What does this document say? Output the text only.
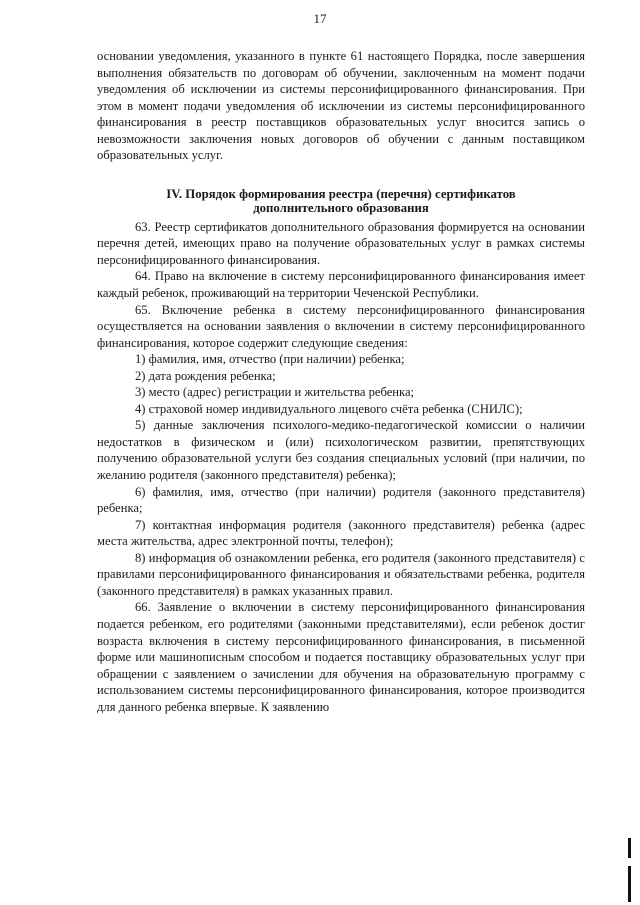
17

основании уведомления, указанного в пункте 61 настоящего Порядка, после завершения выполнения обязательств по договорам об обучении, заключенным на момент подачи уведомления об исключении из системы персонифицированного финансирования. При этом в момент подачи уведомления об исключении из системы персонифицированного финансирования в реестр поставщиков образовательных услуг вносится запись о невозможности заключения новых договоров об обучении с данным поставщиком образовательных услуг.

IV. Порядок формирования реестра (перечня) сертификатов
дополнительного образования

63. Реестр сертификатов дополнительного образования формируется на основании перечня детей, имеющих право на получение образовательных услуг в рамках системы персонифицированного финансирования.

64. Право на включение в систему персонифицированного финансирования имеет каждый ребенок, проживающий на территории Чеченской Республики.

65. Включение ребенка в систему персонифицированного финансирования осуществляется на основании заявления о включении в систему персонифицированного финансирования, которое содержит следующие сведения:

1) фамилия, имя, отчество (при наличии) ребенка;

2) дата рождения ребенка;

3) место (адрес) регистрации и жительства ребенка;

4) страховой номер индивидуального лицевого счёта ребенка (СНИЛС);

5) данные заключения психолого-медико-педагогической комиссии о наличии недостатков в физическом и (или) психологическом развитии, препятствующих получению образовательной услуги без создания специальных условий (при наличии, по желанию родителя (законного представителя) ребенка);

6) фамилия, имя, отчество (при наличии) родителя (законного представителя) ребенка;

7) контактная информация родителя (законного представителя) ребенка (адрес места жительства, адрес электронной почты, телефон);

8) информация об ознакомлении ребенка, его родителя (законного представителя) с правилами персонифицированного финансирования и обязательствами ребенка, родителя (законного представителя) в рамках указанных правил.

66. Заявление о включении в систему персонифицированного финансирования подается ребенком, его родителями (законными представителями), если ребенок достиг возраста включения в систему персонифицированного финансирования, в письменной форме или машинописным способом и подается поставщику образовательных услуг при обращении с заявлением о зачислении для обучения на образовательную программу с использованием системы персонифицированного финансирования, которое производится для данного ребенка впервые. К заявлению
